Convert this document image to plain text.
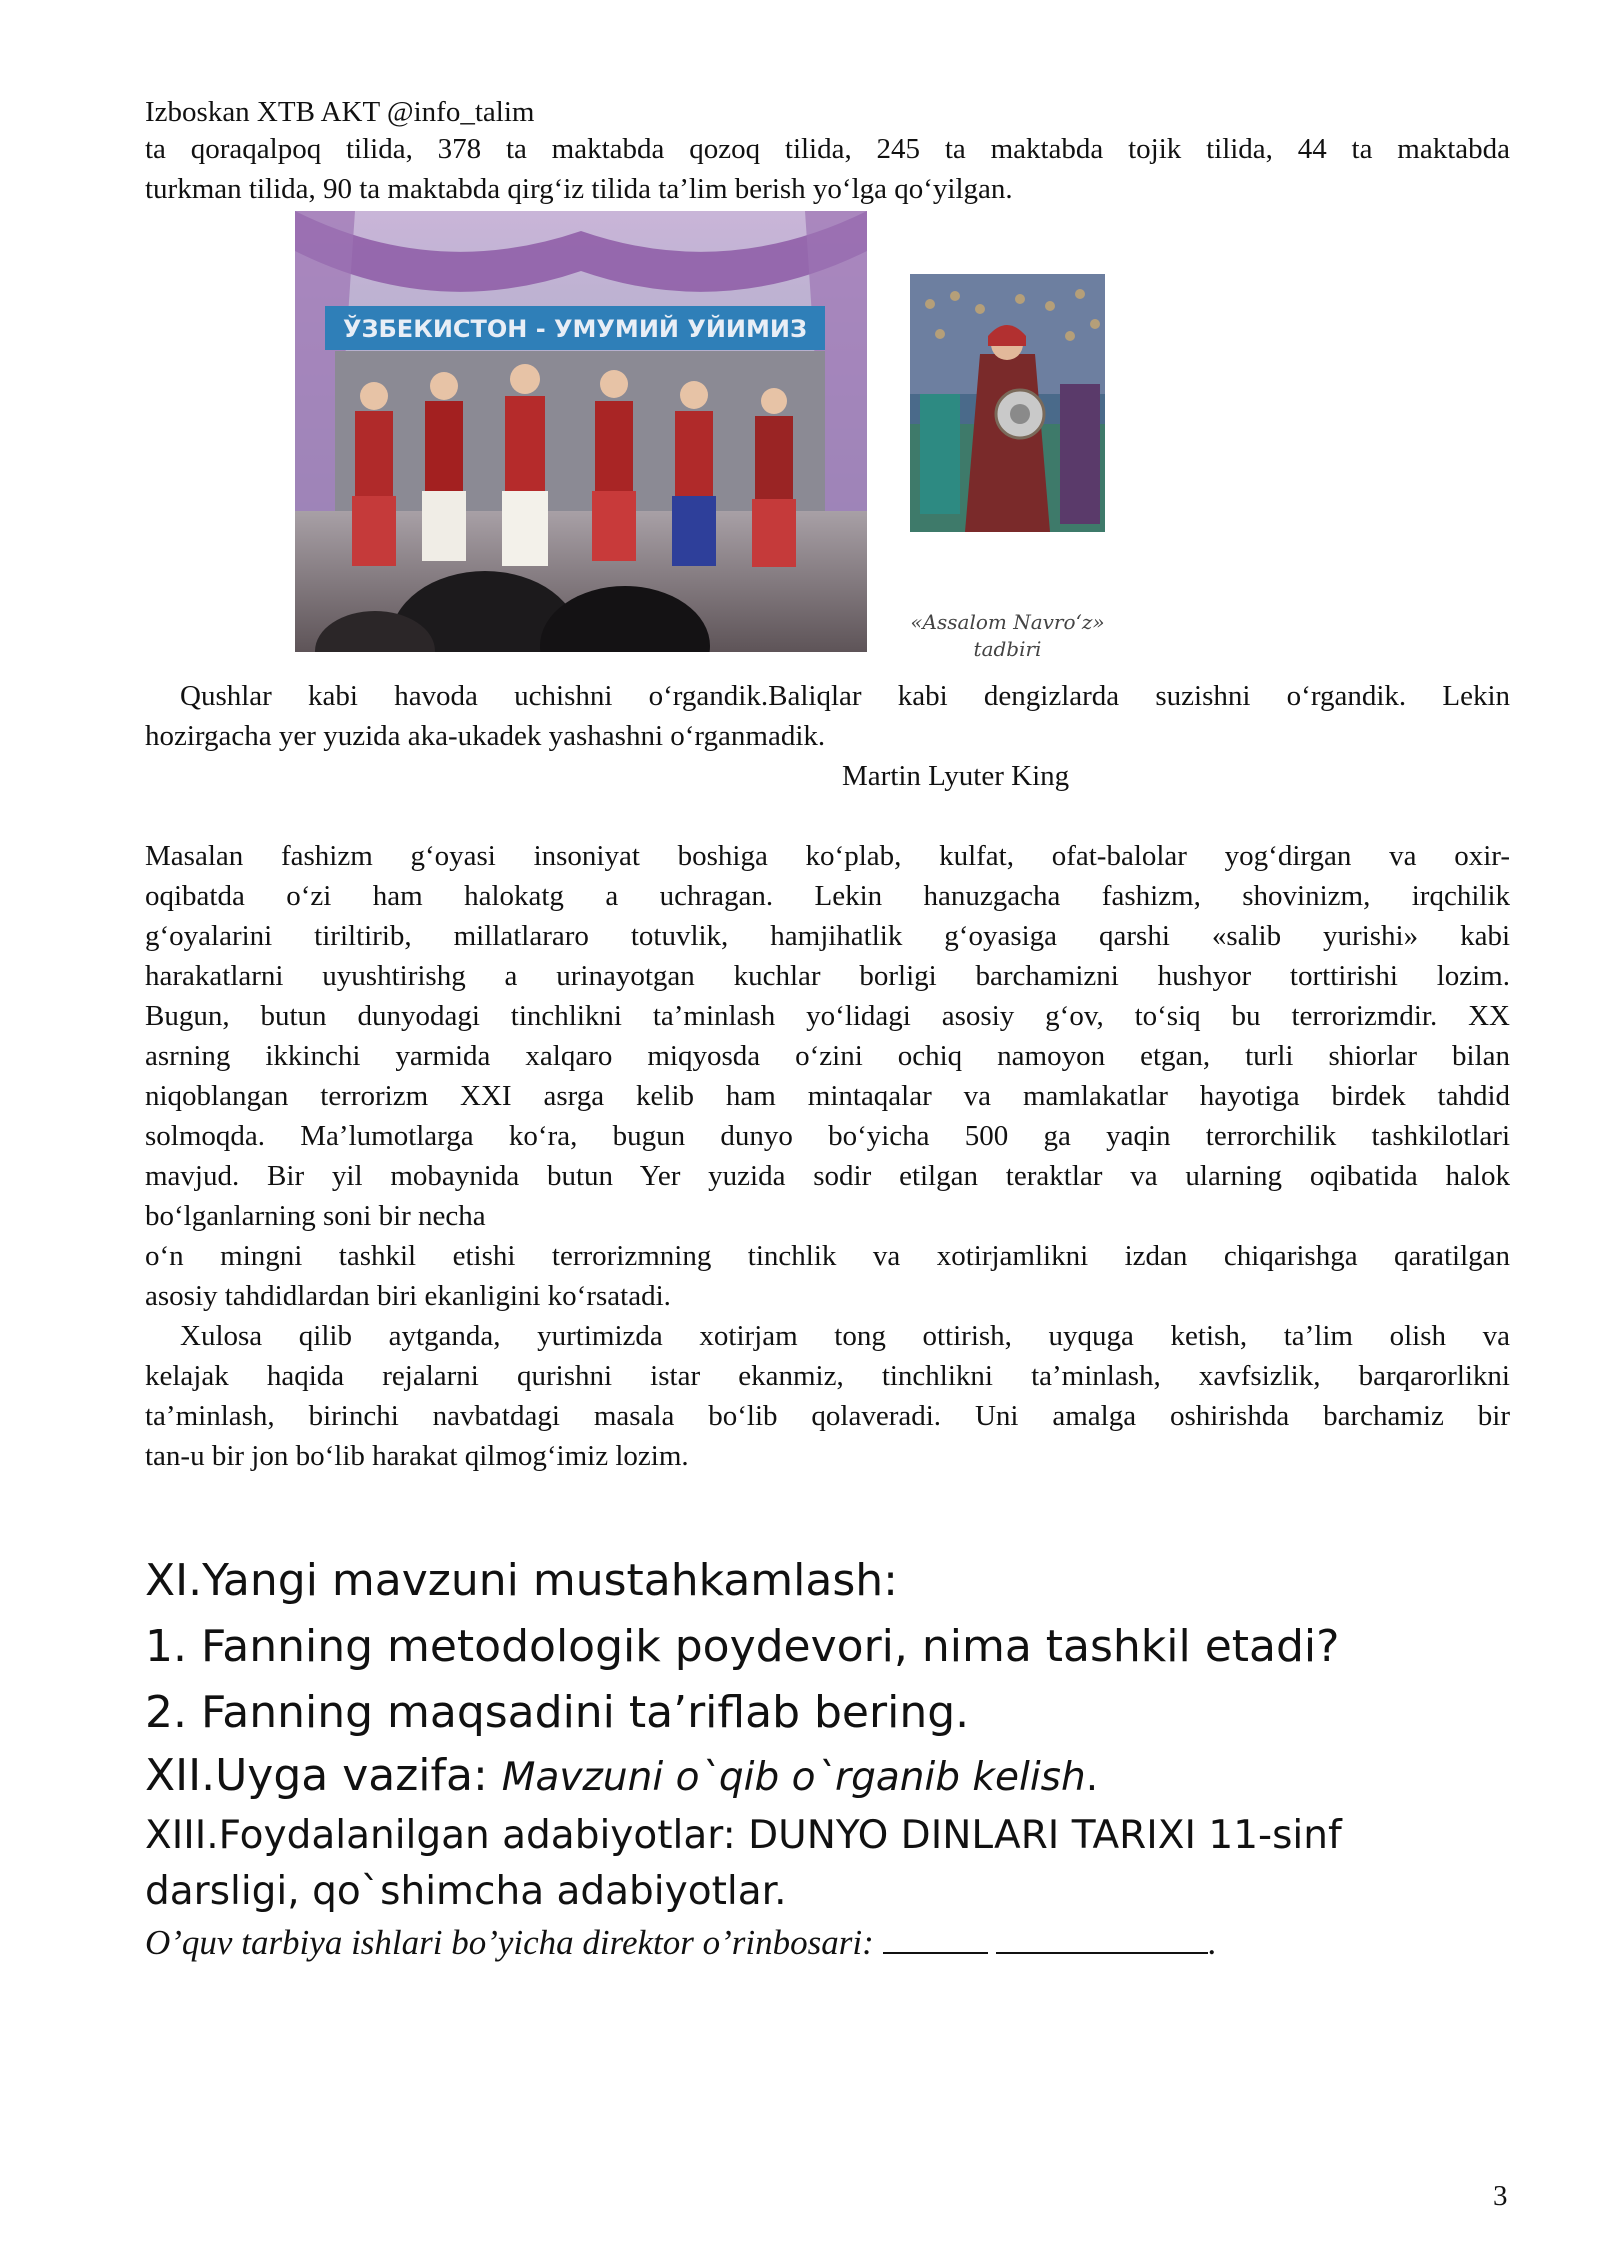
Izboskan XTB AKT @info_talim

ta qoraqalpoq tilida, 378 ta maktabda qozoq tilida, 245 ta maktabda tojik tilida, 44 ta maktabda

turkman tilida, 90 ta maktabda qirg‘iz tilida ta’lim berish yo‘lga qo‘yilgan.

ЎЗБЕКИСТОН - УМУМИЙ УЙИМИЗ
«Assalom Navro‘z»
tadbiri

Qushlar kabi havoda uchishni o‘rgandik.Baliqlar kabi dengizlarda suzishni o‘rgandik. Lekin

hozirgacha yer yuzida aka-ukadek yashashni o‘rganmadik.

Martin Lyuter King

Masalan fashizm g‘oyasi insoniyat boshiga ko‘plab, kulfat, ofat-balolar yog‘dirgan va oxir-

oqibatda o‘zi ham halokatg a uchragan. Lekin hanuzgacha fashizm, shovinizm, irqchilik

g‘oyalarini tiriltirib, millatlararo totuvlik, hamjihatlik g‘oyasiga qarshi «salib yurishi» kabi

harakatlarni uyushtirishg a urinayotgan kuchlar borligi barchamizni hushyor torttirishi lozim.

Bugun, butun dunyodagi tinchlikni ta’minlash yo‘lidagi asosiy g‘ov, to‘siq bu terrorizmdir. XX

asrning ikkinchi yarmida xalqaro miqyosda o‘zini ochiq namoyon etgan, turli shiorlar bilan

niqoblangan terrorizm XXI asrga kelib ham mintaqalar va mamlakatlar hayotiga birdek tahdid

solmoqda. Ma’lumotlarga ko‘ra, bugun dunyo bo‘yicha 500 ga yaqin terrorchilik tashkilotlari

mavjud. Bir yil mobaynida butun Yer yuzida sodir etilgan teraktlar va ularning oqibatida halok

bo‘lganlarning soni bir necha

o‘n mingni tashkil etishi terrorizmning tinchlik va xotirjamlikni izdan chiqarishga qaratilgan

asosiy tahdidlardan biri ekanligini ko‘rsatadi.

Xulosa qilib aytganda, yurtimizda xotirjam tong ottirish, uyquga ketish, ta’lim olish va

kelajak haqida rejalarni qurishni istar ekanmiz, tinchlikni ta’minlash, xavfsizlik, barqarorlikni

ta’minlash, birinchi navbatdagi masala bo‘lib qolaveradi. Uni amalga oshirishda barchamiz bir

tan-u bir jon bo‘lib harakat qilmog‘imiz lozim.

XI.Yangi mavzuni mustahkamlash:

1. Fanning metodologik poydevori, nima tashkil etadi?

2. Fanning maqsadini ta’riflab bering.

XII.Uyga vazifa: Mavzuni o`qib o`rganib kelish.

XIII.Foydalanilgan adabiyotlar: DUNYO DINLARI TARIXI 11-sinf

darsligi, qo`shimcha adabiyotlar.

O’quv tarbiya ishlari bo’yicha direktor o’rinbosari:	.
3
